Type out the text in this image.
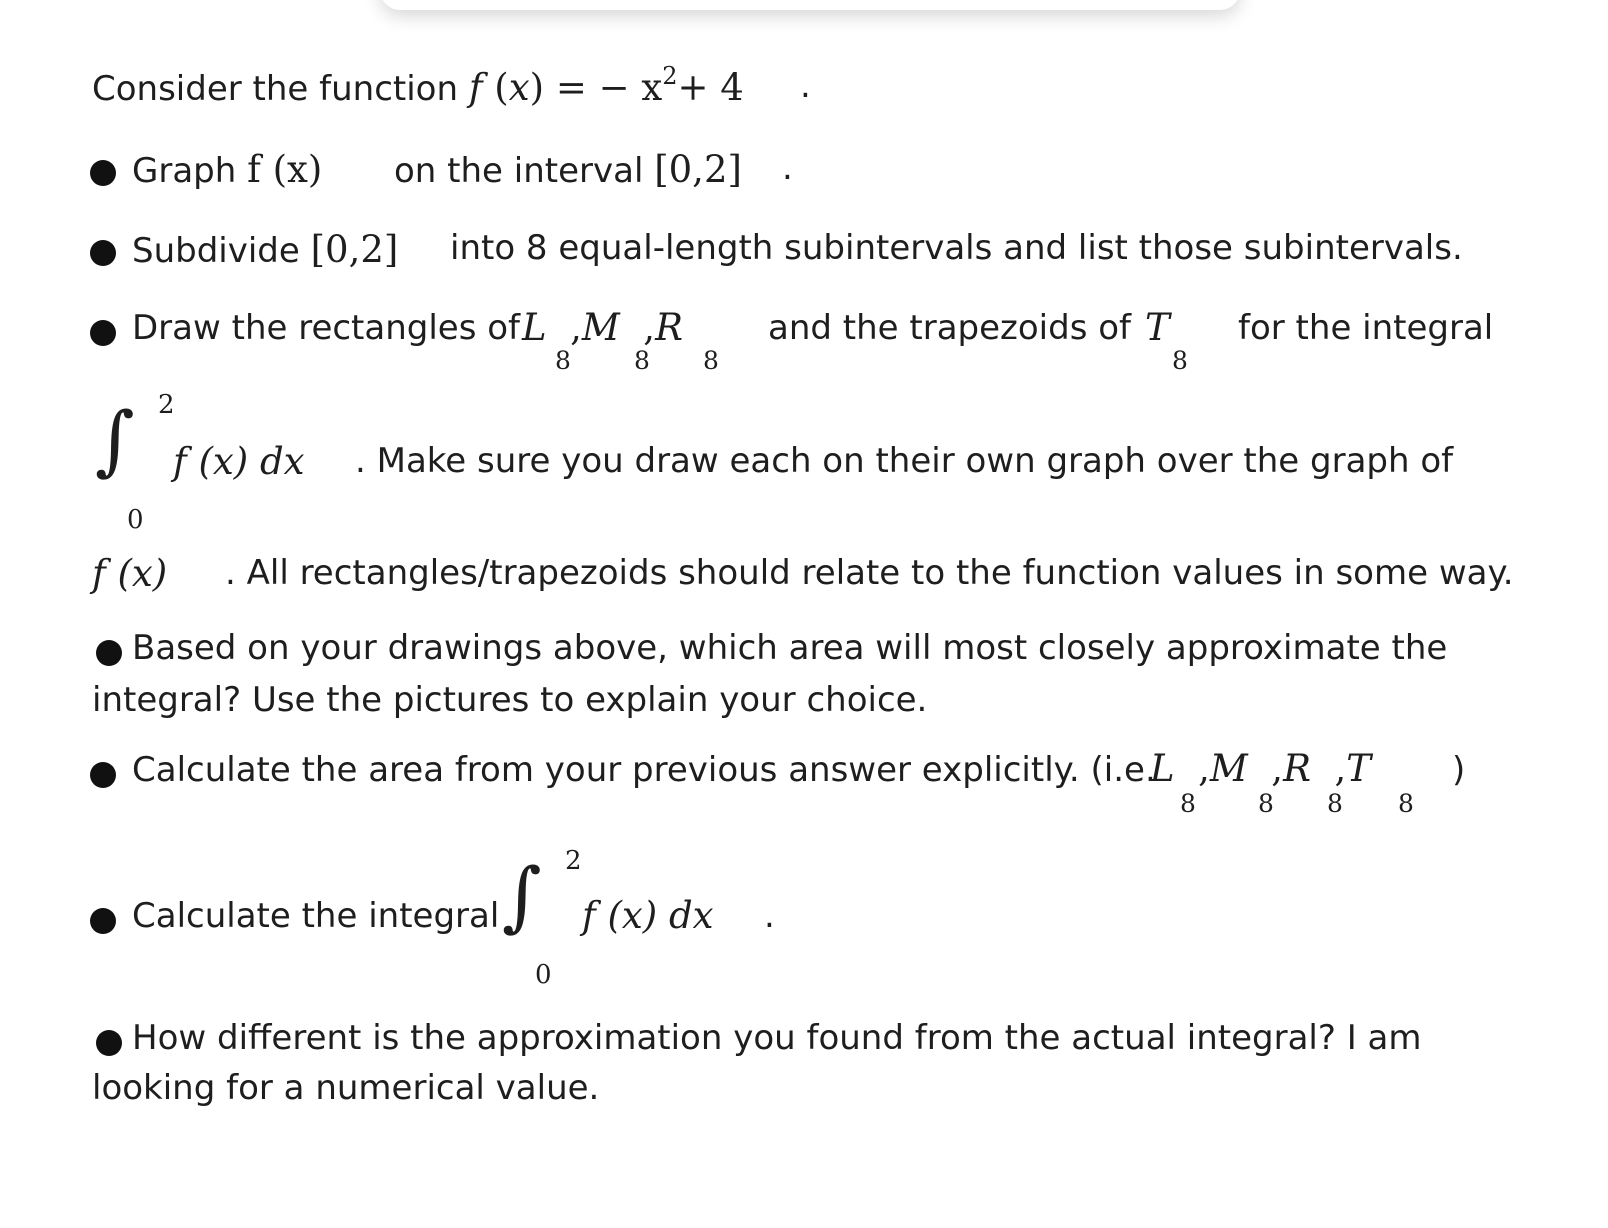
Consider the function f (x) = − $x^2+ 4$ .
Graph f (x) on the interval [0,2] .
Subdivide [0,2] into 8 equal-length subintervals and list those subintervals.
Draw the rectangles of L ,M ,R
8	8 8
and the trapezoids of T
8
for the integral
∫ 2
0
f (x) dx . Make sure you draw each on their own graph over the graph of
f (x) . All rectangles/trapezoids should relate to the function values in some way.
Based on your drawings above, which area will most closely approximate the
integral? Use the pictures to explain your choice.
Calculate the area from your previous answer explicitly. (i.e.
L ,M ,R ,T
8 8 8 8
)
Calculate the integral ∫ 2
0
f (x) dx .
How different is the approximation you found from the actual integral? I am
looking for a numerical value.
